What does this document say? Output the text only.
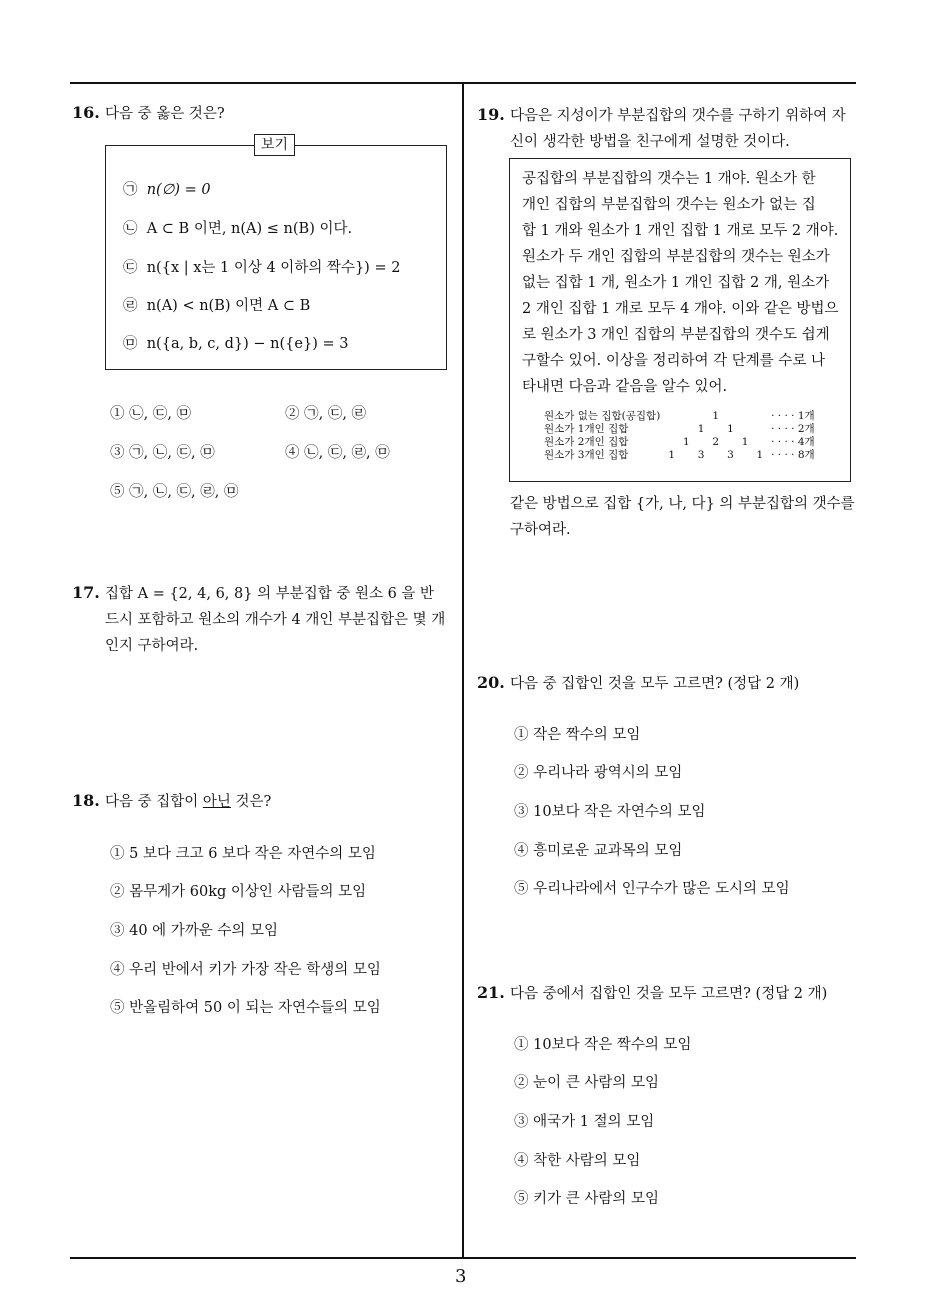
3
16. 다음 중 옳은 것은?
보기
㉠ n(∅) = 0
㉡ A ⊂ B 이면, n(A) ≤ n(B) 이다.
㉢ n({x | x는 1 이상 4 이하의 짝수}) = 2
㉣ n(A) < n(B) 이면 A ⊂ B
㉤ n({a, b, c, d}) − n({e}) = 3
① ㉡, ㉢, ㉤	② ㉠, ㉢, ㉣
③ ㉠, ㉡, ㉢, ㉤	④ ㉡, ㉢, ㉣, ㉤
⑤ ㉠, ㉡, ㉢, ㉣, ㉤
17. 집합 A = {2, 4, 6, 8} 의 부분집합 중 원소 6 을 반
드시 포함하고 원소의 개수가 4 개인 부분집합은 몇 개
인지 구하여라.
18. 다음 중 집합이 아닌 것은?
① 5 보다 크고 6 보다 작은 자연수의 모임
② 몸무게가 60kg 이상인 사람들의 모임
③ 40 에 가까운 수의 모임
④ 우리 반에서 키가 가장 작은 학생의 모임
⑤ 반올림하여 50 이 되는 자연수들의 모임
19. 다음은 지성이가 부분집합의 갯수를 구하기 위하여 자
신이 생각한 방법을 친구에게 설명한 것이다.
공집합의 부분집합의 갯수는 1 개야. 원소가 한
개인 집합의 부분집합의 갯수는 원소가 없는 집
합 1 개와 원소가 1 개인 집합 1 개로 모두 2 개야.
원소가 두 개인 집합의 부분집합의 갯수는 원소가
없는 집합 1 개, 원소가 1 개인 집합 2 개, 원소가
2 개인 집합 1 개로 모두 4 개야. 이와 같은 방법으
로 원소가 3 개인 집합의 부분집합의 갯수도 쉽게
구할수 있어. 이상을 정리하여 각 단계를 수로 나
타내면 다음과 같음을 알수 있어.
원소가 없는 집합(공집합)				1				· · · · 1개
원소가 1개인 집합			1		1			· · · · 2개
원소가 2개인 집합		1		2		1		· · · · 4개
원소가 3개인 집합	1		3		3		1	· · · · 8개
같은 방법으로 집합 {가, 나, 다} 의 부분집합의 갯수를
구하여라.
20. 다음 중 집합인 것을 모두 고르면? (정답 2 개)
① 작은 짝수의 모임
② 우리나라 광역시의 모임
③ 10보다 작은 자연수의 모임
④ 흥미로운 교과목의 모임
⑤ 우리나라에서 인구수가 많은 도시의 모임
21. 다음 중에서 집합인 것을 모두 고르면? (정답 2 개)
① 10보다 작은 짝수의 모임
② 눈이 큰 사람의 모임
③ 애국가 1 절의 모임
④ 착한 사람의 모임
⑤ 키가 큰 사람의 모임
